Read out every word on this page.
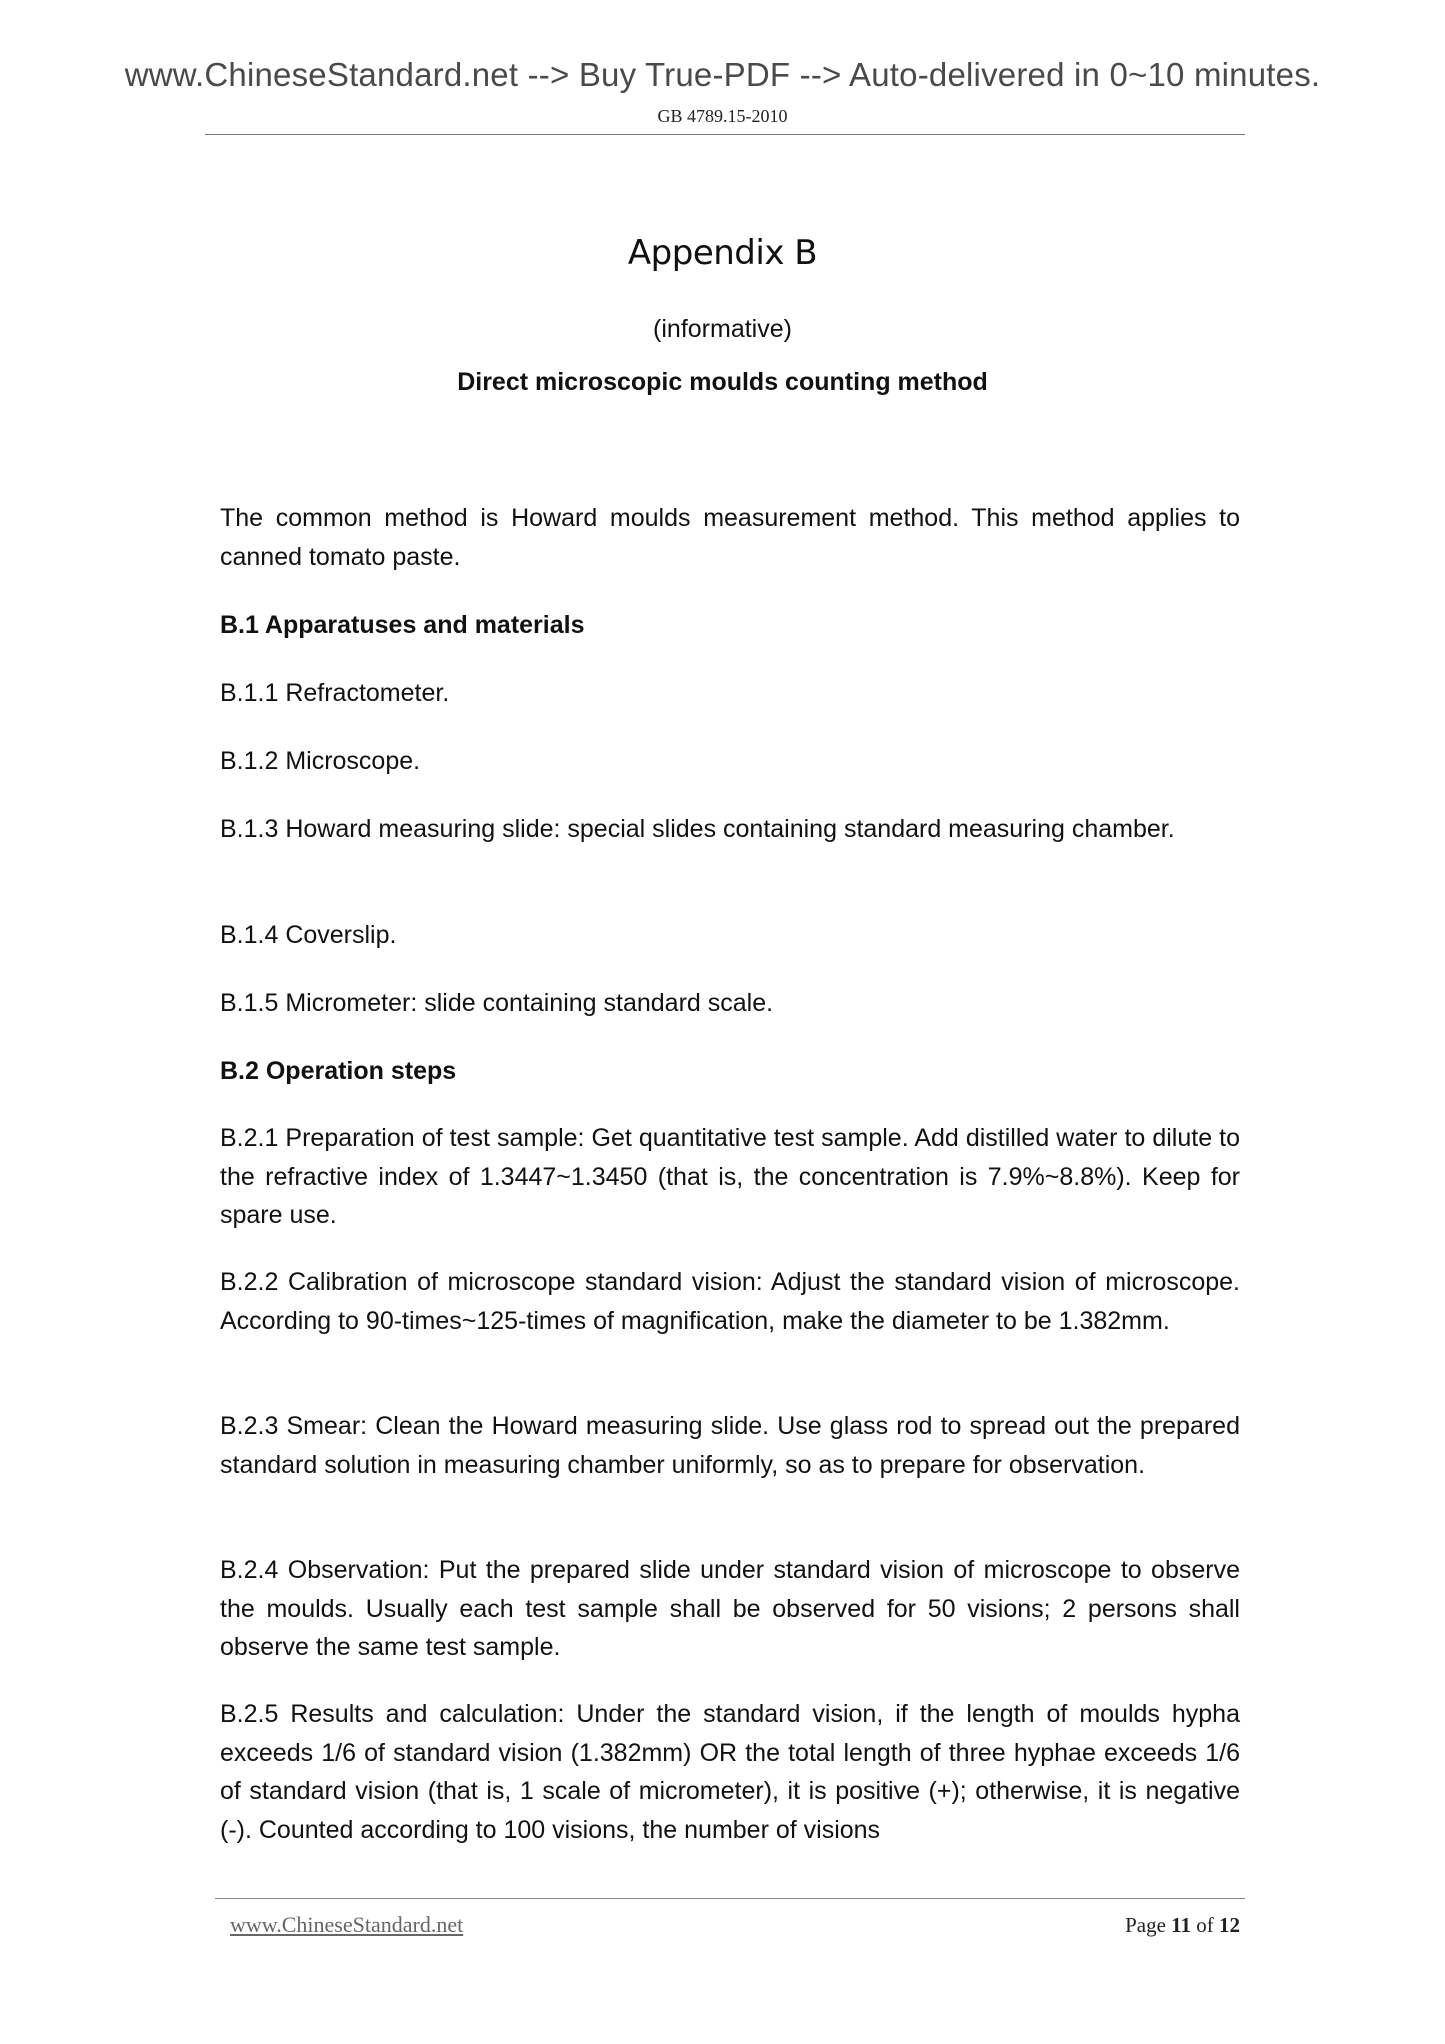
www.ChineseStandard.net --> Buy True-PDF --> Auto-delivered in 0~10 minutes.
GB 4789.15-2010
Appendix B
(informative)
Direct microscopic moulds counting method

The common method is Howard moulds measurement method. This method applies to canned tomato paste.

B.1 Apparatuses and materials

B.1.1 Refractometer.

B.1.2 Microscope.

B.1.3 Howard measuring slide: special slides containing standard measuring chamber.

B.1.4 Coverslip.

B.1.5 Micrometer: slide containing standard scale.

B.2 Operation steps

B.2.1 Preparation of test sample: Get quantitative test sample. Add distilled water to dilute to the refractive index of 1.3447~1.3450 (that is, the concentration is 7.9%~8.8%). Keep for spare use.

B.2.2 Calibration of microscope standard vision: Adjust the standard vision of microscope. According to 90-times~125-times of magnification, make the diameter to be 1.382mm.

B.2.3 Smear: Clean the Howard measuring slide. Use glass rod to spread out the prepared standard solution in measuring chamber uniformly, so as to prepare for observation.

B.2.4 Observation: Put the prepared slide under standard vision of microscope to observe the moulds. Usually each test sample shall be observed for 50 visions; 2 persons shall observe the same test sample.

B.2.5 Results and calculation: Under the standard vision, if the length of moulds hypha exceeds 1/6 of standard vision (1.382mm) OR the total length of three hyphae exceeds 1/6 of standard vision (that is, 1 scale of micrometer), it is positive (+); otherwise, it is negative (-). Counted according to 100 visions, the number of visions

www.ChineseStandard.net	Page 11 of 12
